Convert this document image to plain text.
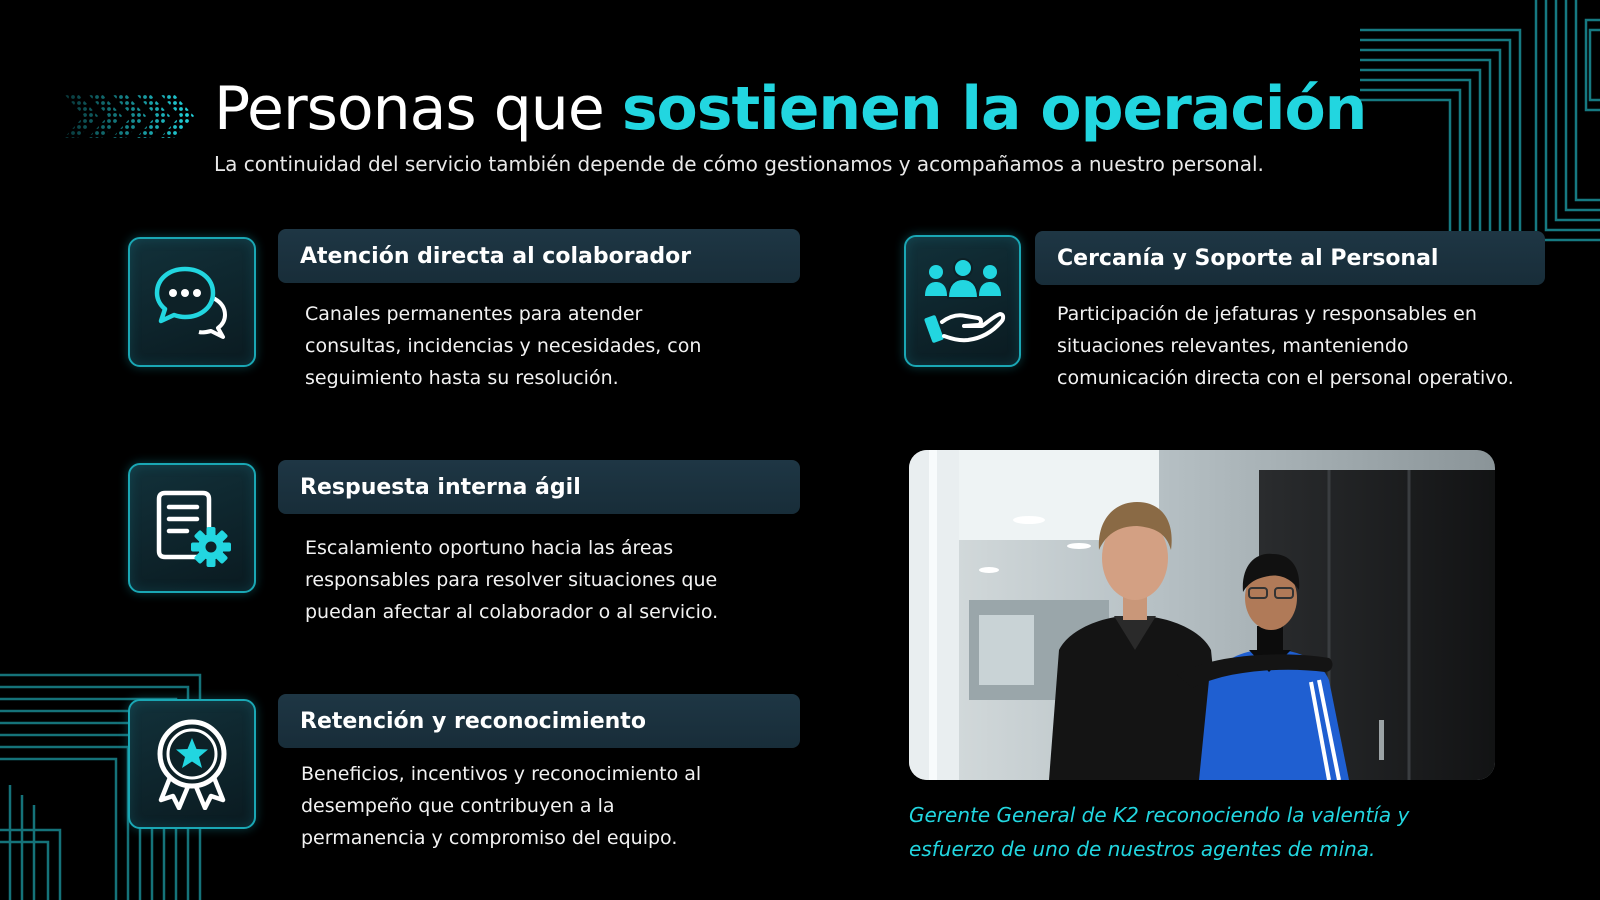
Personas que sostienen la operación

La continuidad del servicio también depende de cómo gestionamos y acompañamos a nuestro personal.

Atención directa al colaborador

Canales permanentes para atender
consultas, incidencias y necesidades, con
seguimiento hasta su resolución.

Respuesta interna ágil

Escalamiento oportuno hacia las áreas
responsables para resolver situaciones que
puedan afectar al colaborador o al servicio.

Retención y reconocimiento

Beneficios, incentivos y reconocimiento al
desempeño que contribuyen a la
permanencia y compromiso del equipo.

Cercanía y Soporte al Personal

Participación de jefaturas y responsables en
situaciones relevantes, manteniendo
comunicación directa con el personal operativo.

Gerente General de K2 reconociendo la valentía y
esfuerzo de uno de nuestros agentes de mina.
